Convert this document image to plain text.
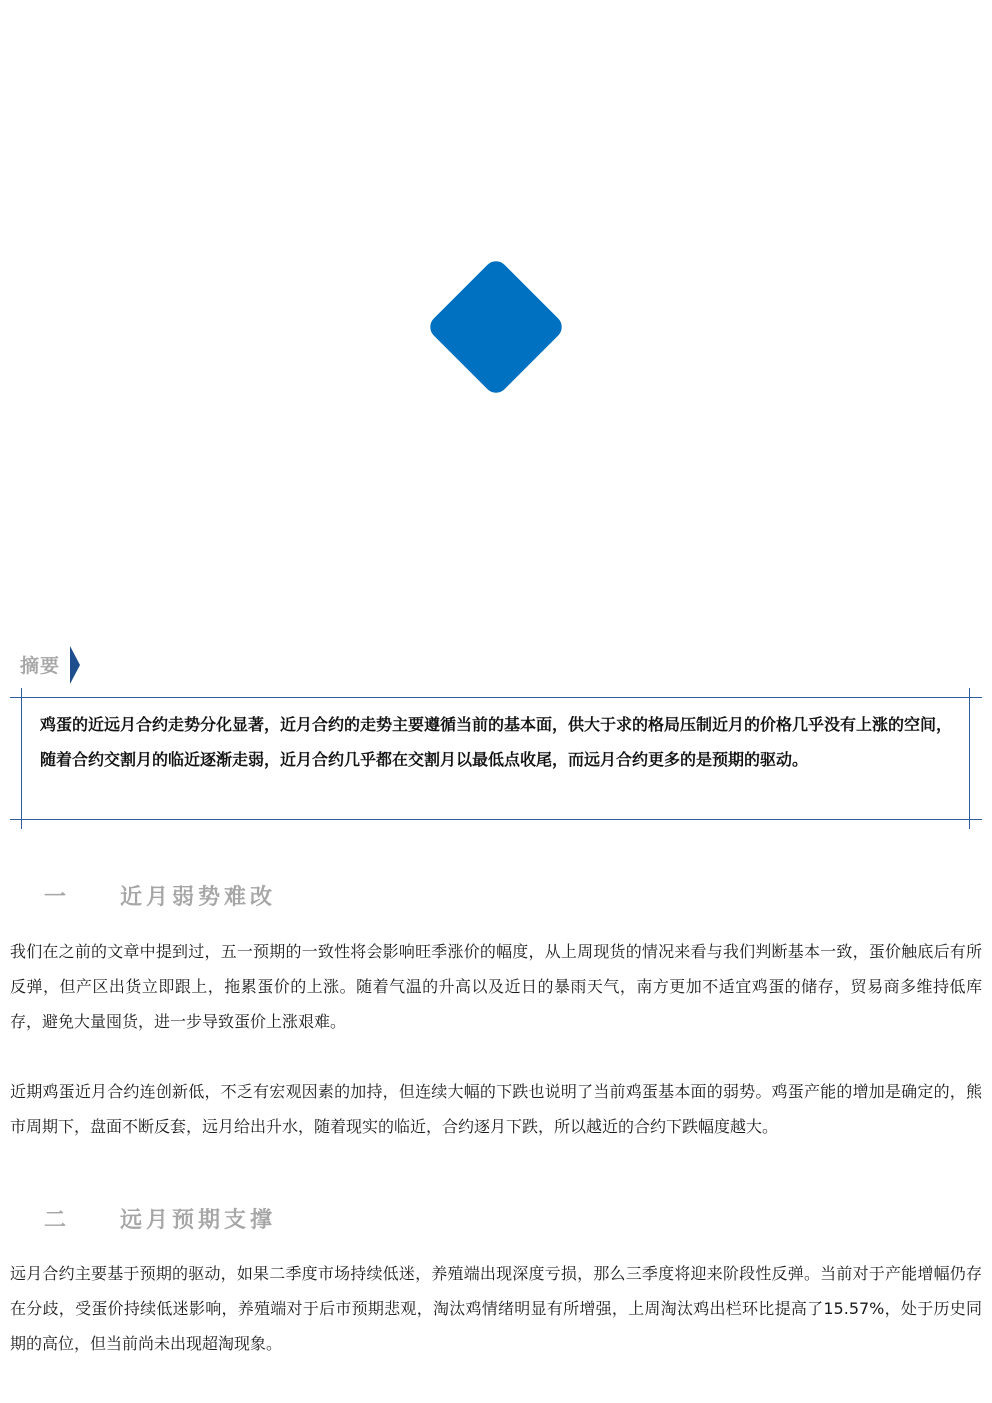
摘要
鸡蛋的近远月合约走势分化显著，近月合约的走势主要遵循当前的基本面，供大于求的格局压制近月的价格几乎没有上涨的空间，随着合约交割月的临近逐渐走弱，近月合约几乎都在交割月以最低点收尾，而远月合约更多的是预期的驱动。
一 近月弱势难改
我们在之前的文章中提到过，五一预期的一致性将会影响旺季涨价的幅度，从上周现货的情况来看与我们判断基本一致，蛋价触底后有所反弹，但产区出货立即跟上，拖累蛋价的上涨。随着气温的升高以及近日的暴雨天气，南方更加不适宜鸡蛋的储存，贸易商多维持低库存，避免大量囤货，进一步导致蛋价上涨艰难。
近期鸡蛋近月合约连创新低，不乏有宏观因素的加持，但连续大幅的下跌也说明了当前鸡蛋基本面的弱势。鸡蛋产能的增加是确定的，熊市周期下，盘面不断反套，远月给出升水，随着现实的临近，合约逐月下跌，所以越近的合约下跌幅度越大。
二 远月预期支撑
远月合约主要基于预期的驱动，如果二季度市场持续低迷，养殖端出现深度亏损，那么三季度将迎来阶段性反弹。当前对于产能增幅仍存在分歧，受蛋价持续低迷影响，养殖端对于后市预期悲观，淘汰鸡情绪明显有所增强，上周淘汰鸡出栏环比提高了15.57%，处于历史同期的高位，但当前尚未出现超淘现象。
